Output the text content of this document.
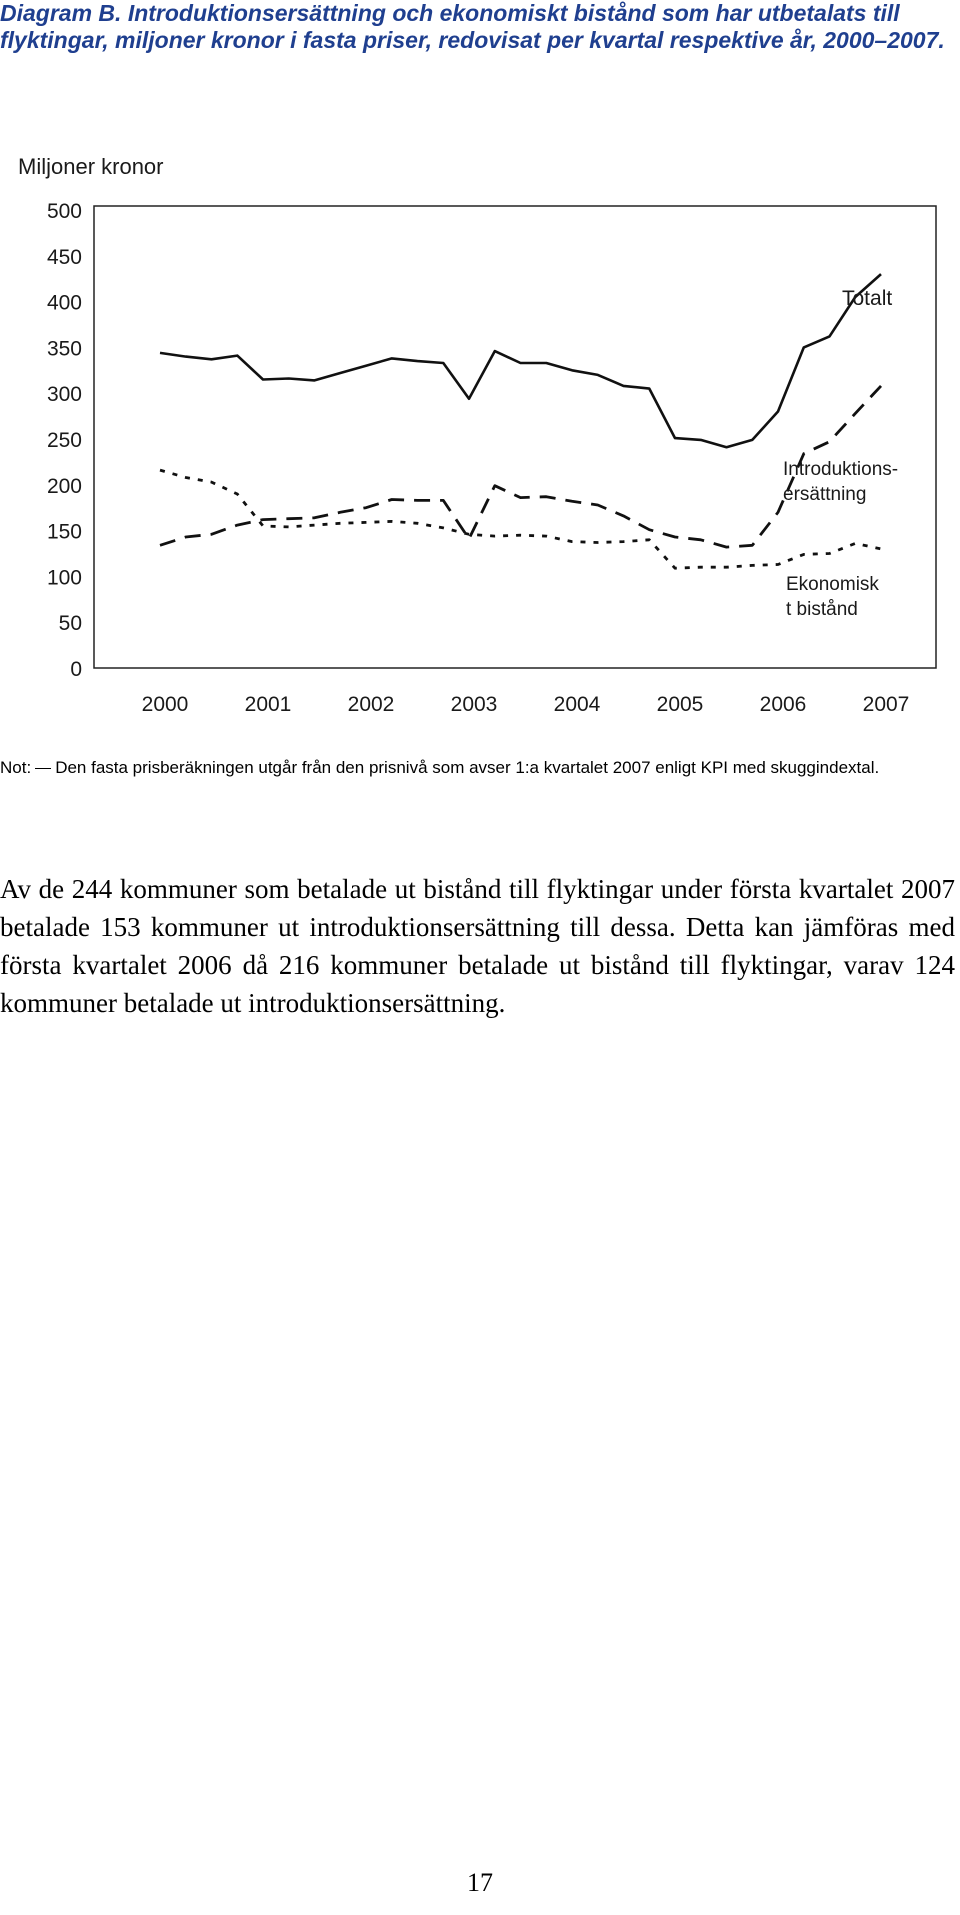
Diagram B. Introduktionsersättning och ekonomiskt bistånd som har utbetalats till flyktingar, miljoner kronor i fasta priser, redovisat per kvartal respektive år, 2000–2007.
Miljoner kronor
0
50
100
150
200
250
300
350
400
450
500
2000	2001	2002	2003	2004	2005	2006	2007
Totalt
Introduktions-
ersättning
Ekonomisk
t bistånd
Not: Den fasta prisberäkningen utgår från den prisnivå som avser 1:a kvartalet 2007 enligt KPI med skuggindextal.

Av de 244 kommuner som betalade ut bistånd till flyktingar under första kvartalet 2007 betalade 153 kommuner ut introduktionsersättning till dessa. Detta kan jämföras med första kvartalet 2006 då 216 kommuner betalade ut bistånd till flyktingar, varav 124 kommuner betalade ut introduktionsersättning.

17
